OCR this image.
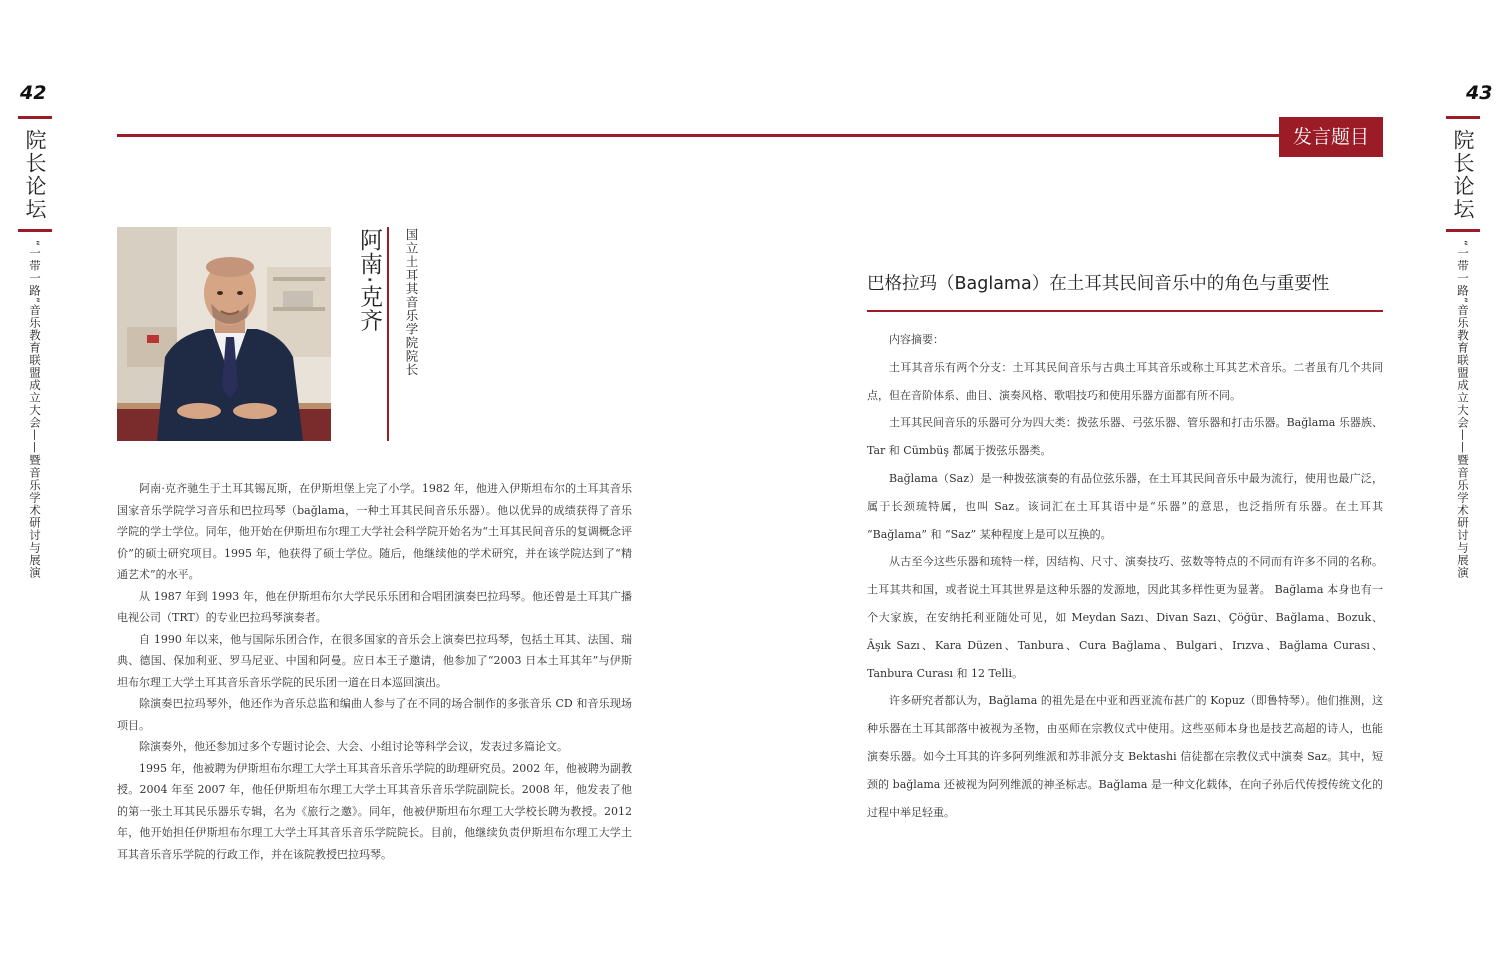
42
院长论坛
“一带一路”音乐教育联盟成立大会——暨音乐学术研讨与展演
43
院长论坛
“一带一路”音乐教育联盟成立大会——暨音乐学术研讨与展演
发言题目
阿南·克齐	国立土耳其音乐学院院长

阿南·克齐驰生于土耳其锡瓦斯，在伊斯坦堡上完了小学。1982 年，他进入伊斯坦布尔的土耳其音乐国家音乐学院学习音乐和巴拉玛琴（bağlama，一种土耳其民间音乐乐器）。他以优异的成绩获得了音乐学院的学士学位。同年，他开始在伊斯坦布尔理工大学社会科学院开始名为“土耳其民间音乐的复调概念评价”的硕士研究项目。1995 年，他获得了硕士学位。随后，他继续他的学术研究，并在该学院达到了“精通艺术”的水平。

从 1987 年到 1993 年，他在伊斯坦布尔大学民乐乐团和合唱团演奏巴拉玛琴。他还曾是土耳其广播电视公司（TRT）的专业巴拉玛琴演奏者。

自 1990 年以来，他与国际乐团合作，在很多国家的音乐会上演奏巴拉玛琴，包括土耳其、法国、瑞典、德国、保加利亚、罗马尼亚、中国和阿曼。应日本王子邀请，他参加了“2003 日本土耳其年”与伊斯坦布尔理工大学土耳其音乐音乐学院的民乐团一道在日本巡回演出。

除演奏巴拉玛琴外，他还作为音乐总监和编曲人参与了在不同的场合制作的多张音乐 CD 和音乐现场项目。

除演奏外，他还参加过多个专题讨论会、大会、小组讨论等科学会议，发表过多篇论文。

1995 年，他被聘为伊斯坦布尔理工大学土耳其音乐音乐学院的助理研究员。2002 年，他被聘为副教授。2004 年至 2007 年，他任伊斯坦布尔理工大学土耳其音乐音乐学院副院长。2008 年，他发表了他的第一张土耳其民乐器乐专辑，名为《旅行之邀》。同年，他被伊斯坦布尔理工大学校长聘为教授。2012 年，他开始担任伊斯坦布尔理工大学土耳其音乐音乐学院院长。目前，他继续负责伊斯坦布尔理工大学土耳其音乐音乐学院的行政工作，并在该院教授巴拉玛琴。

巴格拉玛（Baglama）在土耳其民间音乐中的角色与重要性

内容摘要：

土耳其音乐有两个分支：土耳其民间音乐与古典土耳其音乐或称土耳其艺术音乐。二者虽有几个共同点，但在音阶体系、曲目、演奏风格、歌唱技巧和使用乐器方面都有所不同。

土耳其民间音乐的乐器可分为四大类：拨弦乐器、弓弦乐器、管乐器和打击乐器。Bağlama 乐器族、Tar 和 Cümbüş 都属于拨弦乐器类。

Bağlama（Saz）是一种拨弦演奏的有品位弦乐器，在土耳其民间音乐中最为流行，使用也最广泛，属于长颈琉特属，也叫 Saz。该词汇在土耳其语中是“乐器”的意思，也泛指所有乐器。在土耳其 “Bağlama” 和 “Saz” 某种程度上是可以互换的。

从古至今这些乐器和琉特一样，因结构、尺寸、演奏技巧、弦数等特点的不同而有许多不同的名称。土耳其共和国，或者说土耳其世界是这种乐器的发源地，因此其多样性更为显著。 Bağlama 本身也有一个大家族，在安纳托利亚随处可见，如 Meydan Sazı、Divan Sazı、Çöğür、Bağlama、Bozuk、Âşık Sazı、Kara Düzen、Tanbura、Cura Bağlama、Bulgari、Irızva、Bağlama Curası、Tanbura Curası 和 12 Telli。

许多研究者都认为，Bağlama 的祖先是在中亚和西亚流布甚广的 Kopuz（即鲁特琴）。他们推测，这种乐器在土耳其部落中被视为圣物，由巫师在宗教仪式中使用。这些巫师本身也是技艺高超的诗人，也能演奏乐器。如今土耳其的许多阿列维派和苏非派分支 Bektashi 信徒都在宗教仪式中演奏 Saz。其中，短颈的 bağlama 还被视为阿列维派的神圣标志。Bağlama 是一种文化载体，在向子孙后代传授传统文化的过程中举足轻重。
